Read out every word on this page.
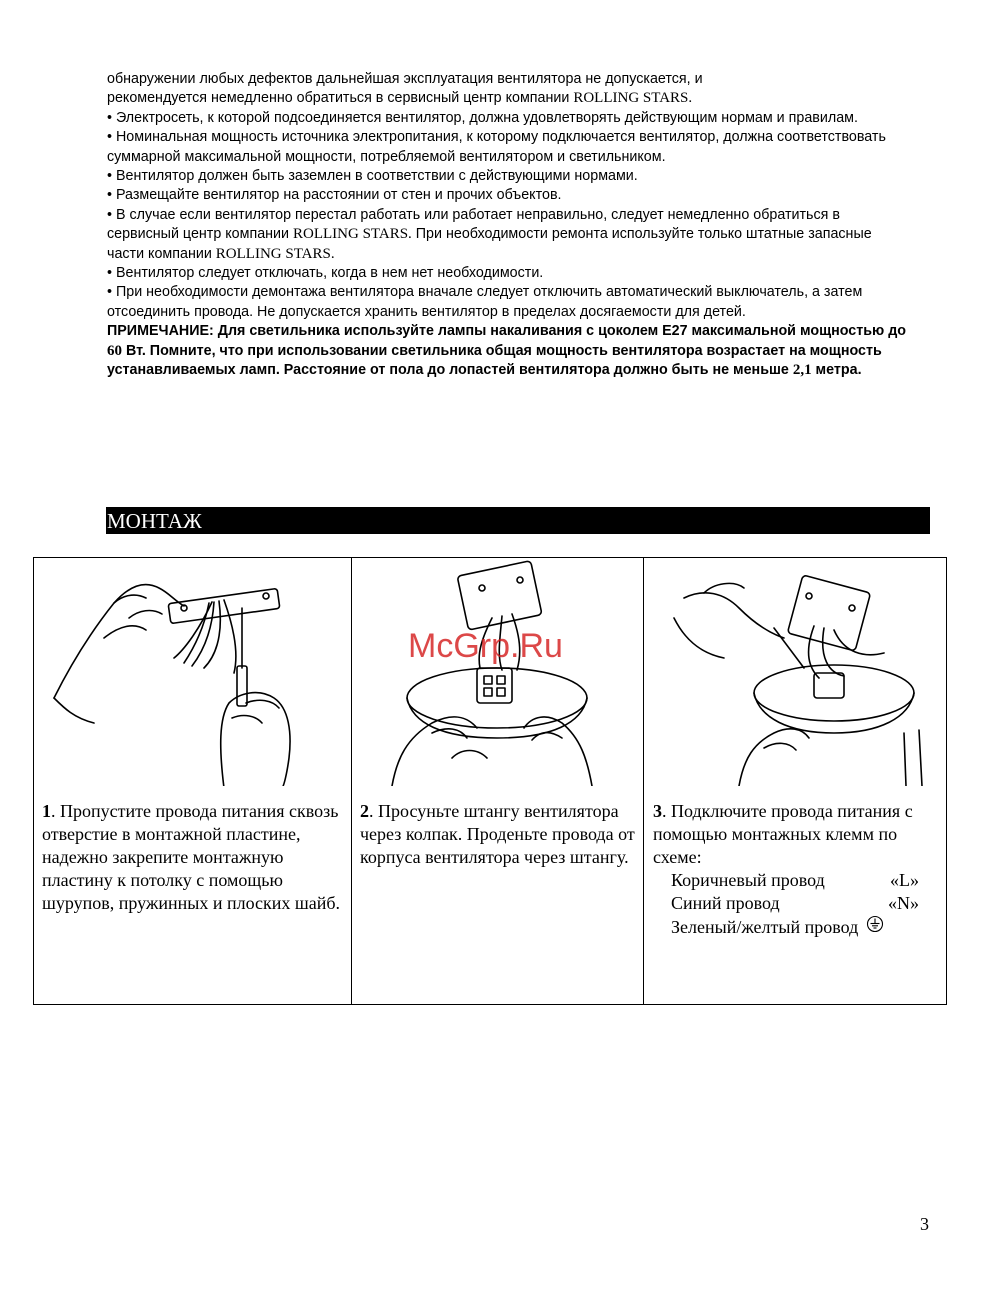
обнаружении любых дефектов дальнейшая эксплуатация вентилятора не допускается, и

рекомендуется немедленно обратиться в сервисный центр компании ROLLING STARS.

• Электросеть, к которой подсоединяется вентилятор, должна удовлетворять действующим нормам и правилам.

• Номинальная мощность источника электропитания, к которому подключается вентилятор, должна соответствовать суммарной максимальной мощности, потребляемой вентилятором и светильником.

• Вентилятор должен быть заземлен в соответствии с действующими нормами.

• Размещайте вентилятор на расстоянии от стен и прочих объектов.

• В случае если вентилятор перестал работать или работает неправильно, следует немедленно обратиться в сервисный центр компании ROLLING STARS. При необходимости ремонта используйте только штатные запасные части компании ROLLING STARS.

• Вентилятор следует отключать, когда в нем нет необходимости.

• При необходимости демонтажа вентилятора вначале следует отключить автоматический выключатель, а затем отсоединить провода. Не допускается хранить вентилятор в пределах досягаемости для детей.

ПРИМЕЧАНИЕ: Для светильника используйте лампы накаливания с цоколем Е27 максимальной мощностью до 60 Вт. Помните, что при использовании светильника общая мощность вентилятора возрастает на мощность устанавливаемых ламп. Расстояние от пола до лопастей вентилятора должно быть не меньше 2,1 метра.

МОНТАЖ
1. Пропустите провода питания сквозь отверстие в монтажной пластине, надежно закрепите монтажную пластину к потолку с помощью шурупов, пружинных и плоских шайб.

2. Просуньте штангу вентилятора через колпак. Проденьте провода от корпуса вентилятора через штангу.

3. Подключите провода питания с помощью монтажных клемм по схеме:
Коричневый провод	«L»
Синий провод	«N»
Зеленый/желтый провод
McGrp.Ru
3
